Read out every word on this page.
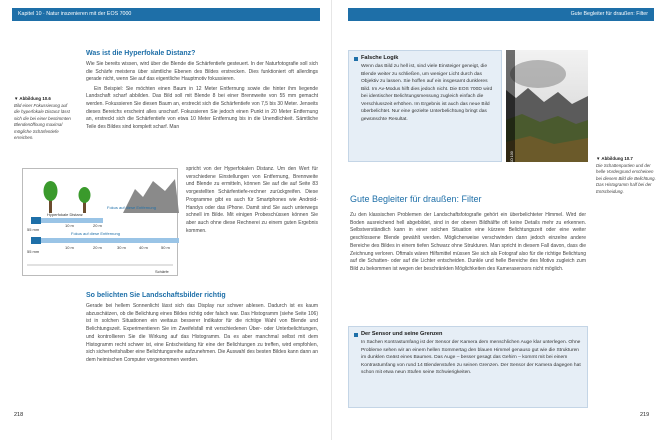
Kapitel 10 · Natur inszenieren mit der EOS 7000
▼ Abbildung 10.6
Bild einer Fokussierung auf die hyperfokale Distanz lässt sich die bei einer bestimmten Blendenöffnung maximal mögliche Schärfentiefe erreichen.
Was ist die Hyperfokale Distanz?

Wie Sie bereits wissen, wird über die Blende die Schärfentiefe gesteuert. In der Naturfotografie soll sich die Schärfe meistens über sämtliche Ebenen des Bildes erstrecken. Dies funktioniert oft allerdings gerade nicht, wenn Sie auf das eigentliche Hauptmotiv fokussieren.

Ein Beispiel: Sie möchten einen Baum in 12 Meter Entfernung sowie die hinter ihm liegende Landschaft scharf abbilden. Das Bild soll mit Blende 8 bei einer Brennweite von 55 mm gemacht werden. Fokussieren Sie diesen Baum an, erstreckt sich die Schärfentiefe von 7,5 bis 30 Meter. Jenseits dieses Bereichs erscheint alles unscharf. Fokussieren Sie jedoch einen Punkt in 20 Meter Entfernung an, erstreckt sich die Schärfentiefe von etwa 10 Meter Entfernung bis in die Unendlichkeit. Sämtliche Teile des Bildes sind komplett scharf. Man

Hyperfokale Distanz
Fokus auf diese Entfernung
Fokus auf diese Entfernung
10 m	20 m
10 m	20 m	30 m	40 m	50 m
55 mm
55 mm
Schärfe
spricht von der Hyperfokalen Distanz. Um den Wert für verschiedene Einstellungen von Entfernung, Brennweite und Blende zu ermitteln, können Sie auf die auf Seite 83 vorgestellten Schärfentiefe-rechner zurückgreifen. Diese Programme gibt es auch für Smartphones wie Android-Handys oder das iPhone. Damit sind Sie auch unterwegs schnell im Bilde. Mit einigen Probeschüssen können Sie aber auch ohne diese Rechnerei zu einem guten Ergebnis kommen.
So belichten Sie Landschaftsbilder richtig
Gerade bei hellem Sonnenlicht lässt sich das Display nur schwer ablesen. Dadurch ist es kaum abzuschätzen, ob die Belichtung eines Bildes richtig oder falsch war. Das Histogramm (siehe Seite 106) ist in solchen Situationen ein weitaus besserer Indikator für die richtige Wahl von Blende und Belichtungszeit. Experimentieren Sie im Zweifelsfall mit verschiedenen Über- oder Unterbelichtungen, und kontrollieren Sie die Wirkung auf das Histogramm. Da es aber manchmal selbst mit dem Histogramm recht schwer ist, eine Entscheidung für eine der Belichtungen zu treffen, wird empfohlen, sich sicherheitshalber eine Belichtungsreihe aufzunehmen. Die Auswahl des besten Bildes kann dann an dem heimischen Computer vorgenommen werden.
218
Gute Begleiter für draußen: Filter
Falsche Logik
Wenn das Bild zu hell ist, sind viele Einsteiger geneigt, die Blende weiter zu schließen, um weniger Licht durch das Objektiv zu lassen. Sie hoffen auf ein insgesamt dunkleres Bild. Im Av-Modus hilft dies jedoch nicht. Die EOS 700D wird bei identischer Belichtungsmessung zugleich einfach die Verschlusszeit erhöhen. Im Ergebnis ist auch das neue Bild überbelichtet. Nur eine gezielte Unterbelichtung bringt das gewünschte Resultat.
28 mm | f/8 | 1/250 s | ISO 100	▼ Abbildung 10.7
Die Schattenpartien und der helle Vordergrund erscheinen bei diesem Bild die Belichtung. Das Histogramm half bei der Entscheidung.
Gute Begleiter für draußen: Filter
Zu den klassischen Problemen der Landschaftsfotografie gehört ein überbelichteter Himmel. Wird der Boden ausreichend hell abgebildet, sind in der oberen Bildhälfte oft keine Details mehr zu erkennen. Selbstverständlich kann in einer solchen Situation eine kürzere Belichtungszeit oder eine weiter geschlossene Blende gewählt werden. Möglicherweise verschwinden dann jedoch einzelne andere Bereiche des Bildes in einem tiefen Schwarz ohne Strukturen. Man spricht in diesem Fall davon, dass die Zeichnung verloren. Oftmals wären Hilfsmittel müssen Sie sich als Fotograf also für die richtige Belichtung auf die Schatten- oder auf die Lichter entscheiden. Dunkle und helle Bereiche des Motivs zugleich zum Bild zu bekommen ist wegen der beschränkten Möglichkeiten des Kamerasensors nicht möglich.
Der Sensor und seine Grenzen
In Sachen Kontrastumfang ist der Sensor der Kamera dem menschlichen Auge klar unterlegen. Ohne Probleme sehen wir an einem hellen Sommertag den blauen Himmel genauso gut wie die Strukturen im dunklen Geäst eines Baumes. Das Auge – besser gesagt das Gehirn – kommt mit bei einem Kontrastumfang von rund 14 Blendenstufen zu seinen Grenzen. Der Sensor der Kamera dagegen hat schon mit etwa neun Stufen seine Schwierigkeiten.
219
